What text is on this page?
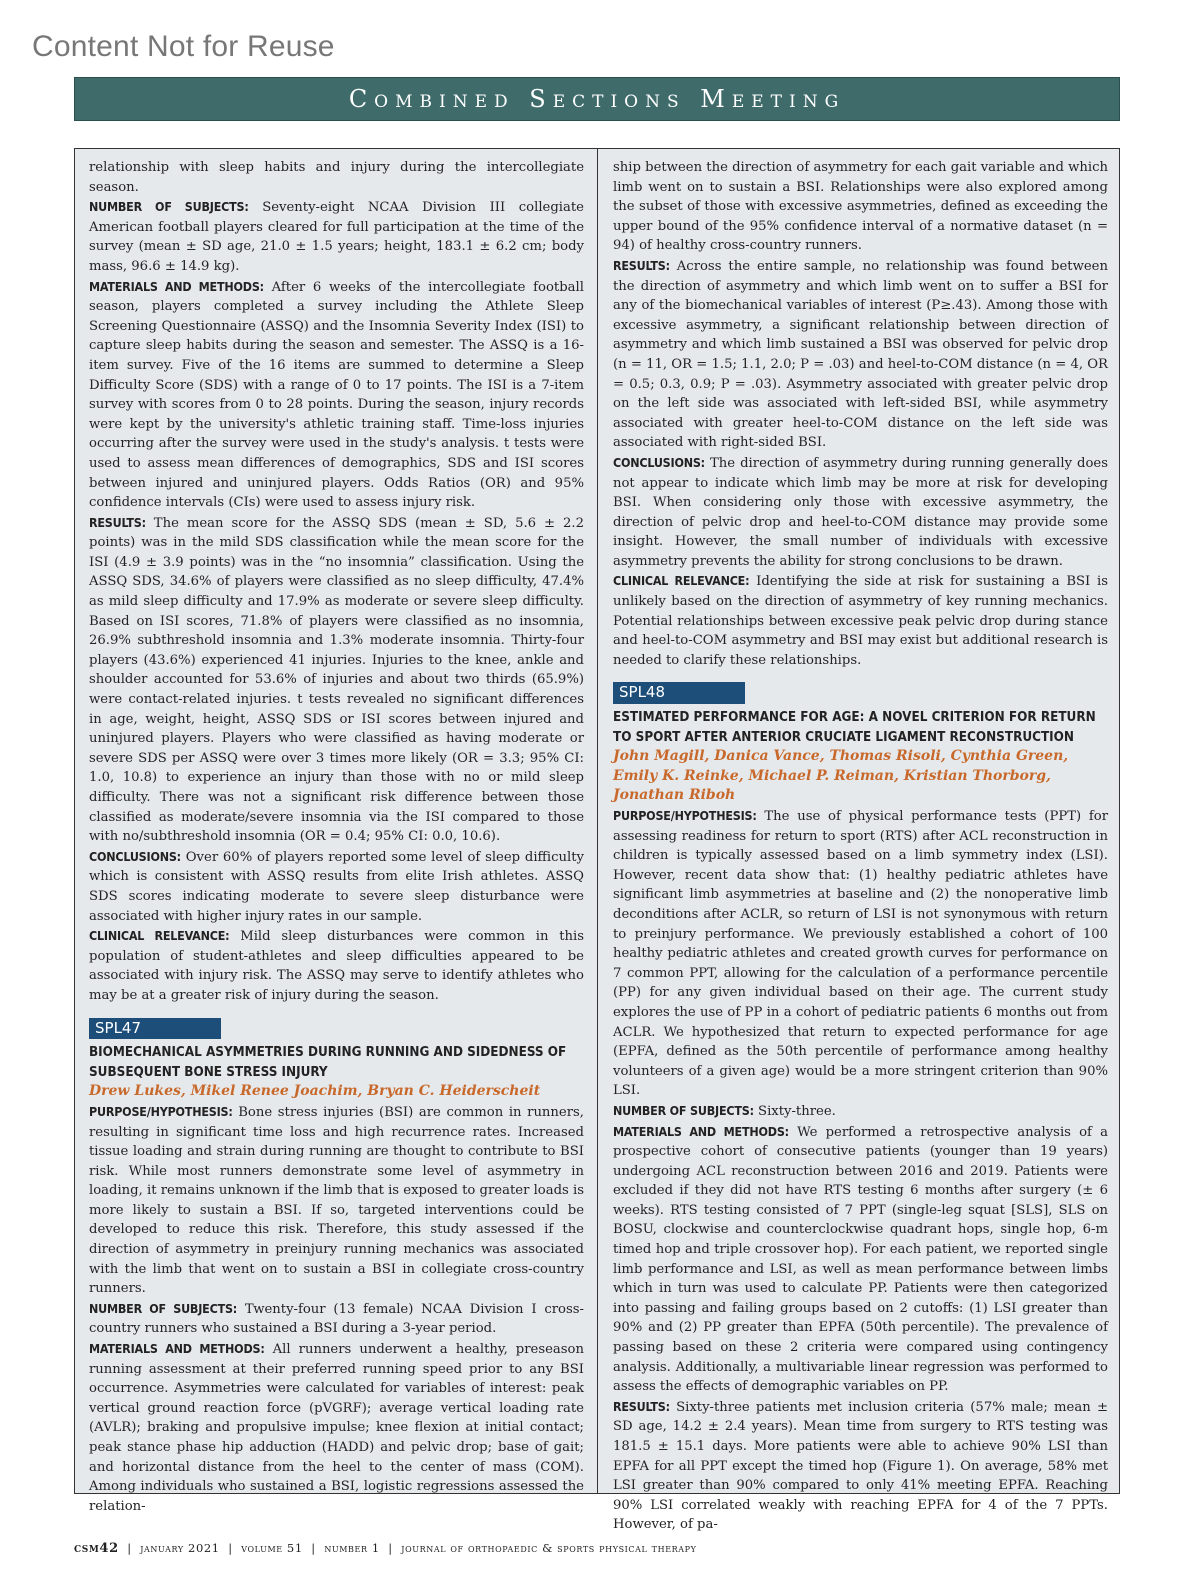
Content Not for Reuse
Combined Sections Meeting

relationship with sleep habits and injury during the intercollegiate season.

NUMBER OF SUBJECTS: Seventy-eight NCAA Division III collegiate American football players cleared for full participation at the time of the survey (mean ± SD age, 21.0 ± 1.5 years; height, 183.1 ± 6.2 cm; body mass, 96.6 ± 14.9 kg).

MATERIALS AND METHODS: After 6 weeks of the intercollegiate football season, players completed a survey including the Athlete Sleep Screening Questionnaire (ASSQ) and the Insomnia Severity Index (ISI) to capture sleep habits during the season and semester. The ASSQ is a 16-item survey. Five of the 16 items are summed to determine a Sleep Difficulty Score (SDS) with a range of 0 to 17 points. The ISI is a 7-item survey with scores from 0 to 28 points. During the season, injury records were kept by the university's athletic training staff. Time-loss injuries occurring after the survey were used in the study's analysis. t tests were used to assess mean differences of demographics, SDS and ISI scores between injured and uninjured players. Odds Ratios (OR) and 95% confidence intervals (CIs) were used to assess injury risk.

RESULTS: The mean score for the ASSQ SDS (mean ± SD, 5.6 ± 2.2 points) was in the mild SDS classification while the mean score for the ISI (4.9 ± 3.9 points) was in the “no insomnia” classification. Using the ASSQ SDS, 34.6% of players were classified as no sleep difficulty, 47.4% as mild sleep difficulty and 17.9% as moderate or severe sleep difficulty. Based on ISI scores, 71.8% of players were classified as no insomnia, 26.9% subthreshold insomnia and 1.3% moderate insomnia. Thirty-four players (43.6%) experienced 41 injuries. Injuries to the knee, ankle and shoulder accounted for 53.6% of injuries and about two thirds (65.9%) were contact-related injuries. t tests revealed no significant differences in age, weight, height, ASSQ SDS or ISI scores between injured and uninjured players. Players who were classified as having moderate or severe SDS per ASSQ were over 3 times more likely (OR = 3.3; 95% CI: 1.0, 10.8) to experience an injury than those with no or mild sleep difficulty. There was not a significant risk difference between those classified as moderate/severe insomnia via the ISI compared to those with no/subthreshold insomnia (OR = 0.4; 95% CI: 0.0, 10.6).

CONCLUSIONS: Over 60% of players reported some level of sleep difficulty which is consistent with ASSQ results from elite Irish athletes. ASSQ SDS scores indicating moderate to severe sleep disturbance were associated with higher injury rates in our sample.

CLINICAL RELEVANCE: Mild sleep disturbances were common in this population of student-athletes and sleep difficulties appeared to be associated with injury risk. The ASSQ may serve to identify athletes who may be at a greater risk of injury during the season.

SPL47
BIOMECHANICAL ASYMMETRIES DURING RUNNING AND SIDEDNESS OF SUBSEQUENT BONE STRESS INJURY
Drew Lukes, Mikel Renee Joachim, Bryan C. Heiderscheit

PURPOSE/HYPOTHESIS: Bone stress injuries (BSI) are common in runners, resulting in significant time loss and high recurrence rates. Increased tissue loading and strain during running are thought to contribute to BSI risk. While most runners demonstrate some level of asymmetry in loading, it remains unknown if the limb that is exposed to greater loads is more likely to sustain a BSI. If so, targeted interventions could be developed to reduce this risk. Therefore, this study assessed if the direction of asymmetry in preinjury running mechanics was associated with the limb that went on to sustain a BSI in collegiate cross-country runners.

NUMBER OF SUBJECTS: Twenty-four (13 female) NCAA Division I cross-country runners who sustained a BSI during a 3-year period.

MATERIALS AND METHODS: All runners underwent a healthy, preseason running assessment at their preferred running speed prior to any BSI occurrence. Asymmetries were calculated for variables of interest: peak vertical ground reaction force (pVGRF); average vertical loading rate (AVLR); braking and propulsive impulse; knee flexion at initial contact; peak stance phase hip adduction (HADD) and pelvic drop; base of gait; and horizontal distance from the heel to the center of mass (COM). Among individuals who sustained a BSI, logistic regressions assessed the relation-

ship between the direction of asymmetry for each gait variable and which limb went on to sustain a BSI. Relationships were also explored among the subset of those with excessive asymmetries, defined as exceeding the upper bound of the 95% confidence interval of a normative dataset (n = 94) of healthy cross-country runners.

RESULTS: Across the entire sample, no relationship was found between the direction of asymmetry and which limb went on to suffer a BSI for any of the biomechanical variables of interest (P≥.43). Among those with excessive asymmetry, a significant relationship between direction of asymmetry and which limb sustained a BSI was observed for pelvic drop (n = 11, OR = 1.5; 1.1, 2.0; P = .03) and heel-to-COM distance (n = 4, OR = 0.5; 0.3, 0.9; P = .03). Asymmetry associated with greater pelvic drop on the left side was associated with left-sided BSI, while asymmetry associated with greater heel-to-COM distance on the left side was associated with right-sided BSI.

CONCLUSIONS: The direction of asymmetry during running generally does not appear to indicate which limb may be more at risk for developing BSI. When considering only those with excessive asymmetry, the direction of pelvic drop and heel-to-COM distance may provide some insight. However, the small number of individuals with excessive asymmetry prevents the ability for strong conclusions to be drawn.

CLINICAL RELEVANCE: Identifying the side at risk for sustaining a BSI is unlikely based on the direction of asymmetry of key running mechanics. Potential relationships between excessive peak pelvic drop during stance and heel-to-COM asymmetry and BSI may exist but additional research is needed to clarify these relationships.

SPL48
ESTIMATED PERFORMANCE FOR AGE: A NOVEL CRITERION FOR RETURN TO SPORT AFTER ANTERIOR CRUCIATE LIGAMENT RECONSTRUCTION
John Magill, Danica Vance, Thomas Risoli, Cynthia Green, Emily K. Reinke, Michael P. Reiman, Kristian Thorborg, Jonathan Riboh

PURPOSE/HYPOTHESIS: The use of physical performance tests (PPT) for assessing readiness for return to sport (RTS) after ACL reconstruction in children is typically assessed based on a limb symmetry index (LSI). However, recent data show that: (1) healthy pediatric athletes have significant limb asymmetries at baseline and (2) the nonoperative limb deconditions after ACLR, so return of LSI is not synonymous with return to preinjury performance. We previously established a cohort of 100 healthy pediatric athletes and created growth curves for performance on 7 common PPT, allowing for the calculation of a performance percentile (PP) for any given individual based on their age. The current study explores the use of PP in a cohort of pediatric patients 6 months out from ACLR. We hypothesized that return to expected performance for age (EPFA, defined as the 50th percentile of performance among healthy volunteers of a given age) would be a more stringent criterion than 90% LSI.

NUMBER OF SUBJECTS: Sixty-three.

MATERIALS AND METHODS: We performed a retrospective analysis of a prospective cohort of consecutive patients (younger than 19 years) undergoing ACL reconstruction between 2016 and 2019. Patients were excluded if they did not have RTS testing 6 months after surgery (± 6 weeks). RTS testing consisted of 7 PPT (single-leg squat [SLS], SLS on BOSU, clockwise and counterclockwise quadrant hops, single hop, 6-m timed hop and triple crossover hop). For each patient, we reported single limb performance and LSI, as well as mean performance between limbs which in turn was used to calculate PP. Patients were then categorized into passing and failing groups based on 2 cutoffs: (1) LSI greater than 90% and (2) PP greater than EPFA (50th percentile). The prevalence of passing based on these 2 criteria were compared using contingency analysis. Additionally, a multivariable linear regression was performed to assess the effects of demographic variables on PP.

RESULTS: Sixty-three patients met inclusion criteria (57% male; mean ± SD age, 14.2 ± 2.4 years). Mean time from surgery to RTS testing was 181.5 ± 15.1 days. More patients were able to achieve 90% LSI than EPFA for all PPT except the timed hop (Figure 1). On average, 58% met LSI greater than 90% compared to only 41% meeting EPFA. Reaching 90% LSI correlated weakly with reaching EPFA for 4 of the 7 PPTs. However, of pa-

csm42  |  january 2021  |  volume 51  |  number 1  |  journal of orthopaedic & sports physical therapy
